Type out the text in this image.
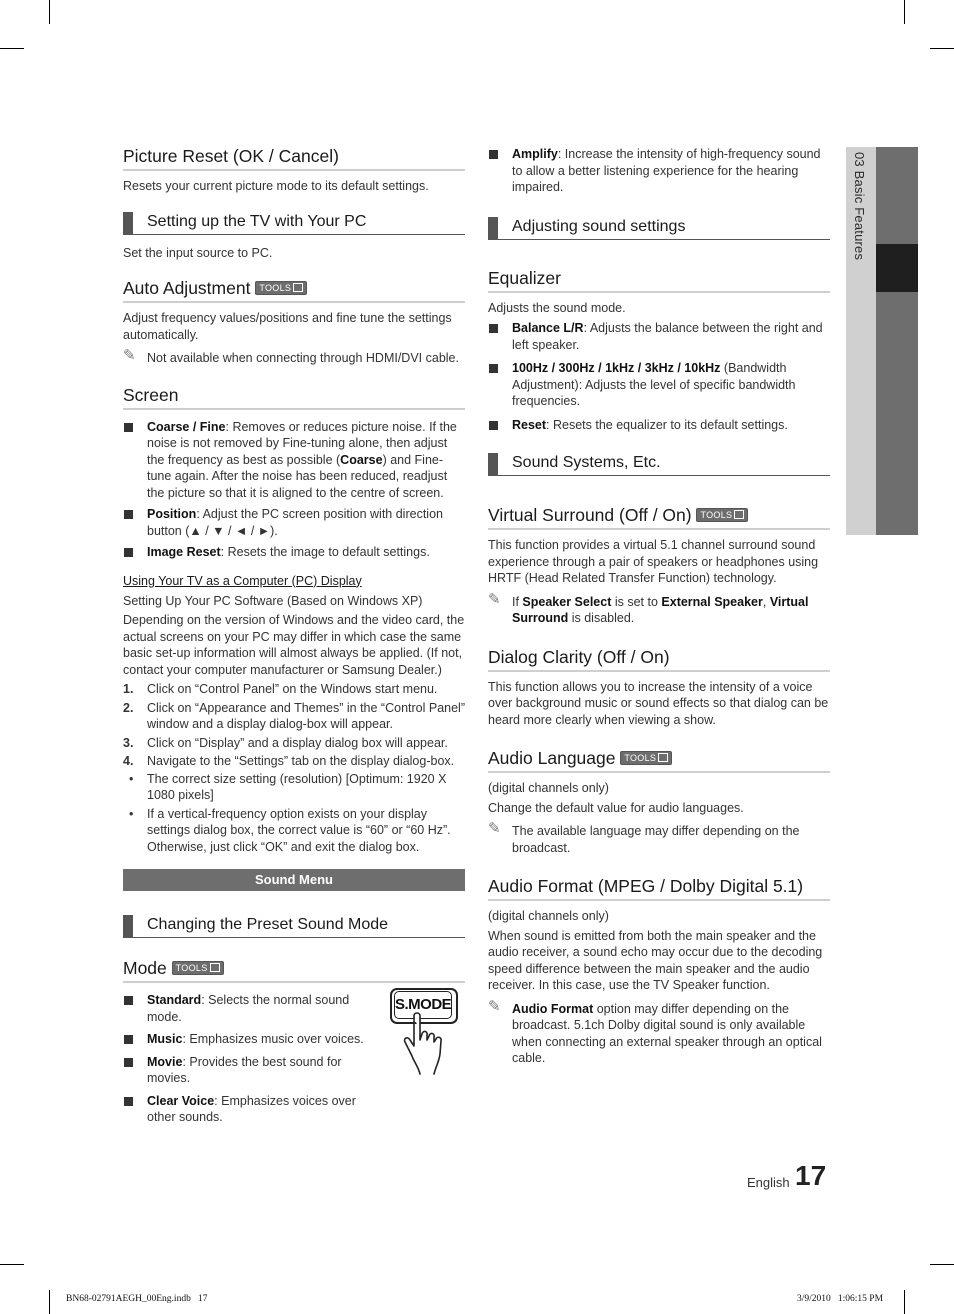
03 Basic Features
Picture Reset (OK / Cancel)

Resets your current picture mode to its default settings.

Setting up the TV with Your PC

Set the input source to PC.

Auto Adjustment TOOLS

Adjust frequency values/positions and fine tune the settings automatically.

✎ Not available when connecting through HDMI/DVI cable.
Screen
Coarse / Fine: Removes or reduces picture noise. If the noise is not removed by Fine-tuning alone, then adjust the frequency as best as possible (Coarse) and Fine-tune again. After the noise has been reduced, readjust the picture so that it is aligned to the centre of screen.
Position: Adjust the PC screen position with direction button (▲ / ▼ / ◄ / ►).
Image Reset: Resets the image to default settings.
Using Your TV as a Computer (PC) Display

Setting Up Your PC Software (Based on Windows XP)

Depending on the version of Windows and the video card, the actual screens on your PC may differ in which case the same basic set-up information will almost always be applied. (If not, contact your computer manufacturer or Samsung Dealer.)

1. Click on “Control Panel” on the Windows start menu.
2. Click on “Appearance and Themes” in the “Control Panel” window and a display dialog-box will appear.
3. Click on “Display” and a display dialog box will appear.
4. Navigate to the “Settings” tab on the display dialog-box.
• The correct size setting (resolution) [Optimum: 1920 X 1080 pixels]
• If a vertical-frequency option exists on your display settings dialog box, the correct value is “60” or “60 Hz”. Otherwise, just click “OK” and exit the dialog box.
Sound Menu
Changing the Preset Sound Mode
Mode TOOLS
Standard: Selects the normal sound mode.
Music: Emphasizes music over voices.
Movie: Provides the best sound for movies.
Clear Voice: Emphasizes voices over other sounds.
S.MODE
Amplify: Increase the intensity of high-frequency sound to allow a better listening experience for the hearing impaired.
Adjusting sound settings
Equalizer

Adjusts the sound mode.

Balance L/R: Adjusts the balance between the right and left speaker.
100Hz / 300Hz / 1kHz / 3kHz / 10kHz (Bandwidth Adjustment): Adjusts the level of specific bandwidth frequencies.
Reset: Resets the equalizer to its default settings.
Sound Systems, Etc.
Virtual Surround (Off / On) TOOLS

This function provides a virtual 5.1 channel surround sound experience through a pair of speakers or headphones using HRTF (Head Related Transfer Function) technology.

✎ If Speaker Select is set to External Speaker, Virtual Surround is disabled.
Dialog Clarity (Off / On)

This function allows you to increase the intensity of a voice over background music or sound effects so that dialog can be heard more clearly when viewing a show.

Audio Language TOOLS

(digital channels only)

Change the default value for audio languages.

✎ The available language may differ depending on the broadcast.
Audio Format (MPEG / Dolby Digital 5.1)

(digital channels only)

When sound is emitted from both the main speaker and the audio receiver, a sound echo may occur due to the decoding speed difference between the main speaker and the audio receiver. In this case, use the TV Speaker function.

✎ Audio Format option may differ depending on the broadcast. 5.1ch Dolby digital sound is only available when connecting an external speaker through an optical cable.
English 17
BN68-02791AEGH_00Eng.indb   17	3/9/2010   1:06:15 PM
